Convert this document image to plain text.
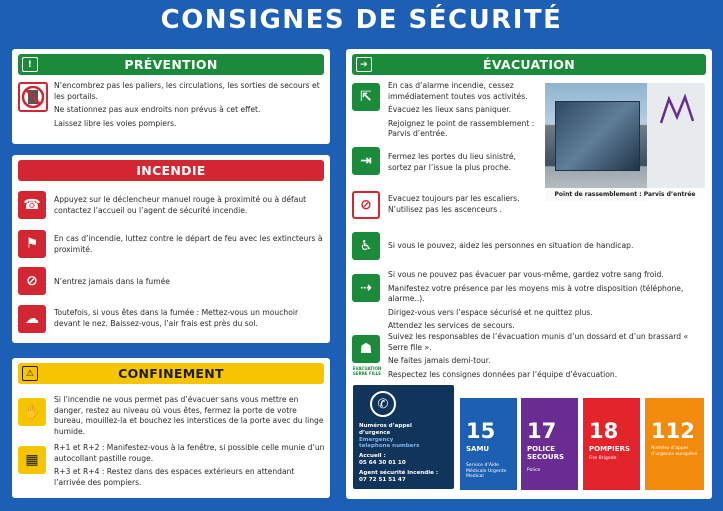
CONSIGNES DE SÉCURITÉ
!	PRÉVENTION

N’encombrez pas les paliers, les circulations, les sorties de secours et les portails.

Ne stationnez pas aux endroits non prévus à cet effet.

Laissez libre les voies pompiers.

INCENDIE
☎	Appuyez sur le déclencheur manuel rouge à proximité ou à défaut contactez l’accueil ou l’agent de sécurité incendie.
⚑	En cas d’incendie, luttez contre le départ de feu avec les extincteurs à proximité.
⊘	N’entrez jamais dans la fumée
☁	Toutefois, si vous êtes dans la fumée : Mettez-vous un mouchoir devant le nez. Baissez-vous, l’air frais est près du sol.
⚠	CONFINEMENT
✋
Si l’incendie ne vous permet pas d’évacuer sans vous mettre en danger, restez au niveau où vous êtes, fermez la porte de votre bureau, mouillez-la et bouchez les interstices de la porte avec du linge humide.
▦

R+1 et R+2 : Manifestez-vous à la fenêtre, si possible celle munie d’un autocollant pastille rouge.

R+3 et R+4 : Restez dans des espaces extérieurs en attendant l’arrivée des pompiers.

➔	ÉVACUATION
⇱

En cas d’alarme incendie, cessez immédiatement toutes vos activités.

Évacuez les lieux sans paniquer.

Rejoignez le point de rassemblement : Parvis d’entrée.

⇥	Fermez les portes du lieu sinistré, sortez par l’issue la plus proche.
⊘	Evacuez toujours par les escaliers. N’utilisez pas les ascenceurs .
♿	Si vous le pouvez, aidez les personnes en situation de handicap.
⇢

Si vous ne pouvez pas évacuer par vous-même, gardez votre sang froid.

Manifestez votre présence par les moyens mis à votre disposition (téléphone, alarme..).

Dirigez-vous vers l’espace sécurisé et ne quittez plus.

Attendez les services de secours.

☗
EVACUATION SERRE FILLE

Suivez les responsables de l’évacuation munis d’un dossard et d’un brassard « Serre file ».

Ne faites jamais demi-tour.

Respectez les consignes données par l’équipe d’évacuation.

Point de rassemblement : Parvis d’entrée
✆
Numéros d’appel
d’urgence
Emergency
telephone numbers
Accueil :
05 64 30 01 10
Agent sécurité incendie :
07 72 51 51 47
15
SAMU
Service d’Aide Médicale Urgente Medical
17
POLICE SECOURS
Police
18
POMPIERS
Fire Brigade
112
Numéro d’appel d’urgence européen
